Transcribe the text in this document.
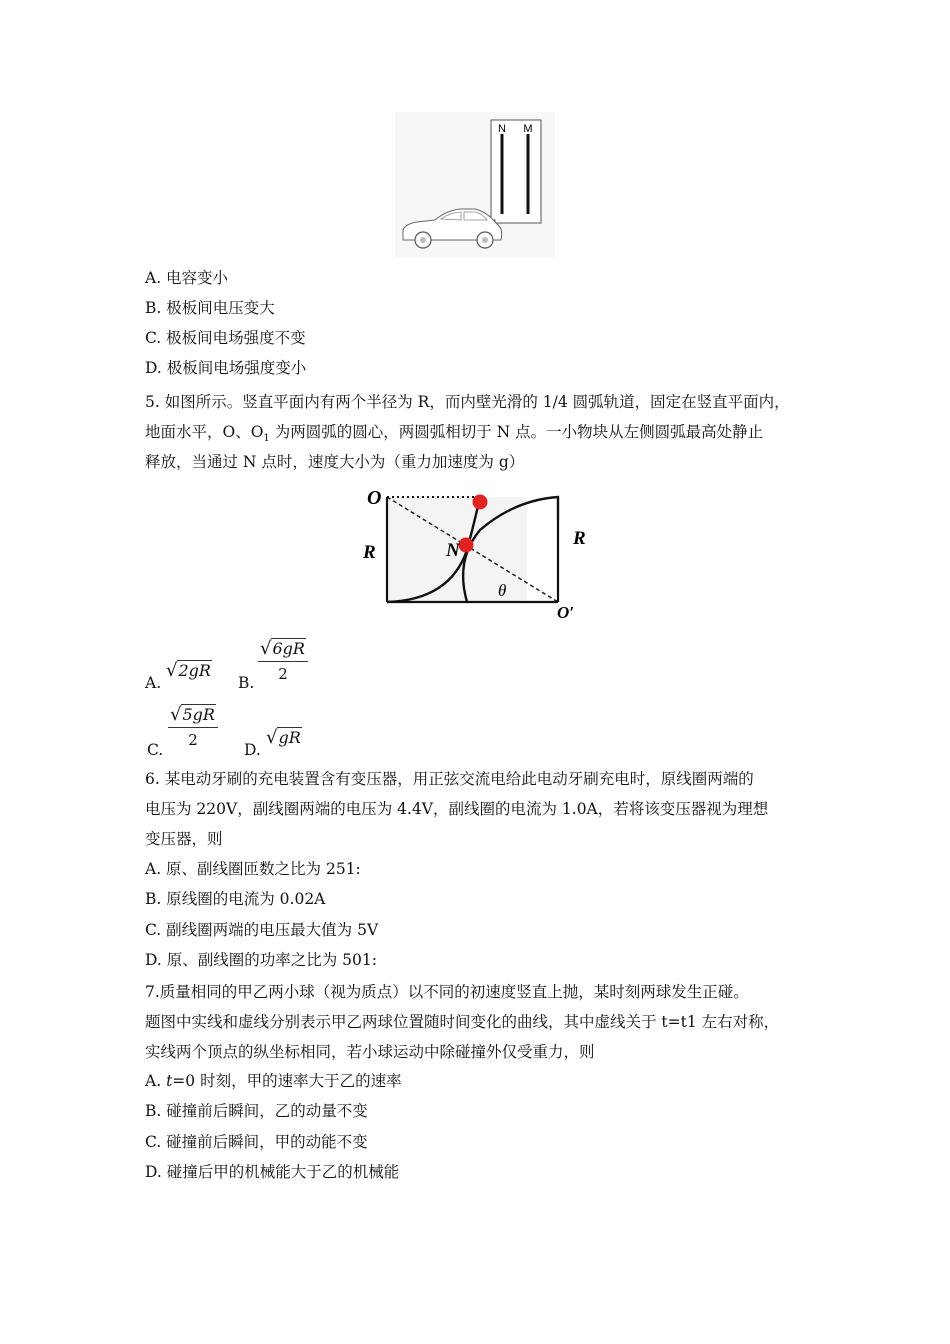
N M
A. 电容变小
B. 极板间电压变大
C. 极板间电场强度不变
D. 极板间电场强度变小
5. 如图所示。竖直平面内有两个半径为 R，而内壁光滑的 1/4 圆弧轨道，固定在竖直平面内，
地面水平，O、$O_1$ 为两圆弧的圆心，两圆弧相切于 N 点。一小物块从左侧圆弧最高处静止
释放，当通过 N 点时，速度大小为（重力加速度为 g）
O
R	N
R
θ
O′
A.
√2gR
B. $\frac{√6gR}{2}$
C.
$\frac{√5gR}{2}$
D.
√gR
6. 某电动牙刷的充电装置含有变压器，用正弦交流电给此电动牙刷充电时，原线圈两端的
电压为 220V，副线圈两端的电压为 4.4V，副线圈的电流为 1.0A，若将该变压器视为理想
变压器，则
A. 原、副线圈匝数之比为 251:
B. 原线圈的电流为 0.02A
C. 副线圈两端的电压最大值为 5V
D. 原、副线圈的功率之比为 501:
7.质量相同的甲乙两小球（视为质点）以不同的初速度竖直上抛，某时刻两球发生正碰。
题图中实线和虚线分别表示甲乙两球位置随时间变化的曲线，其中虚线关于 t=t1 左右对称，
实线两个顶点的纵坐标相同，若小球运动中除碰撞外仅受重力，则
A. t=0 时刻，甲的速率大于乙的速率
B. 碰撞前后瞬间，乙的动量不变
C. 碰撞前后瞬间，甲的动能不变
D. 碰撞后甲的机械能大于乙的机械能
